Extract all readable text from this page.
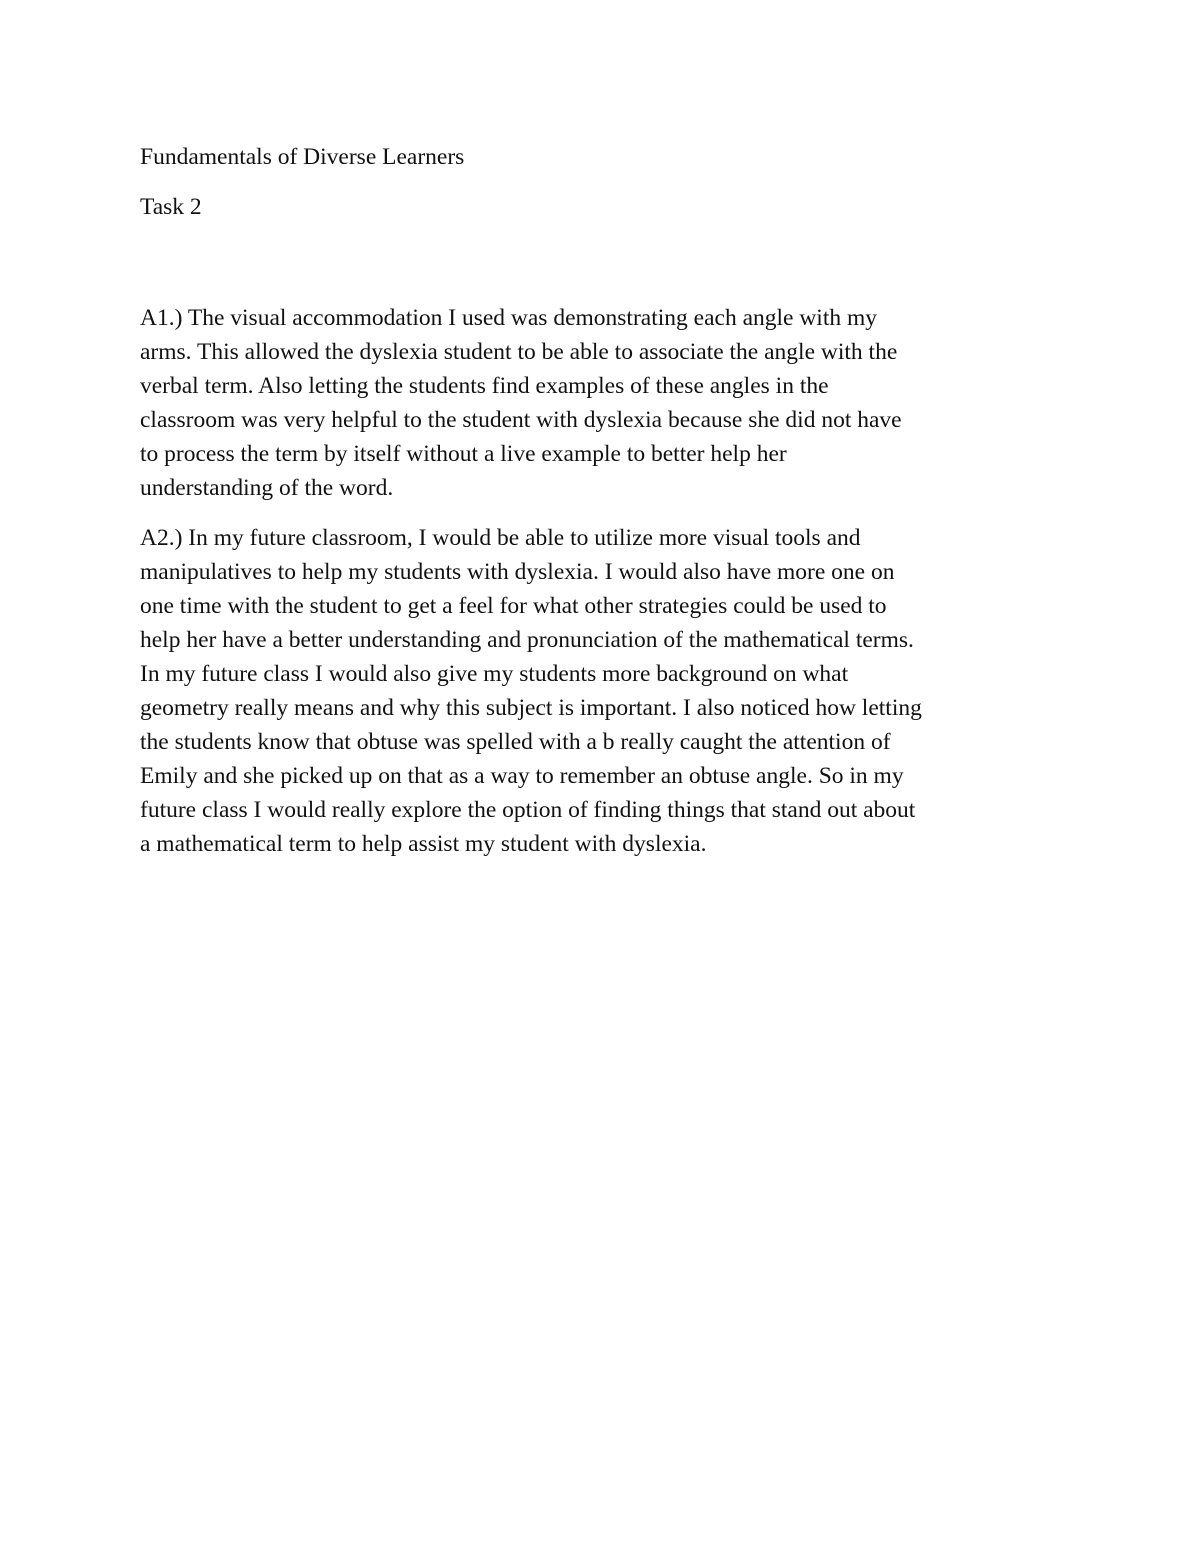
Fundamentals of Diverse Learners

Task 2

A1.) The visual accommodation I used was demonstrating each angle with my
arms. This allowed the dyslexia student to be able to associate the angle with the
verbal term. Also letting the students find examples of these angles in the
classroom was very helpful to the student with dyslexia because she did not have
to process the term by itself without a live example to better help her
understanding of the word.

A2.) In my future classroom, I would be able to utilize more visual tools and
manipulatives to help my students with dyslexia. I would also have more one on
one time with the student to get a feel for what other strategies could be used to
help her have a better understanding and pronunciation of the mathematical terms.
In my future class I would also give my students more background on what
geometry really means and why this subject is important. I also noticed how letting
the students know that obtuse was spelled with a b really caught the attention of
Emily and she picked up on that as a way to remember an obtuse angle. So in my
future class I would really explore the option of finding things that stand out about
a mathematical term to help assist my student with dyslexia.
